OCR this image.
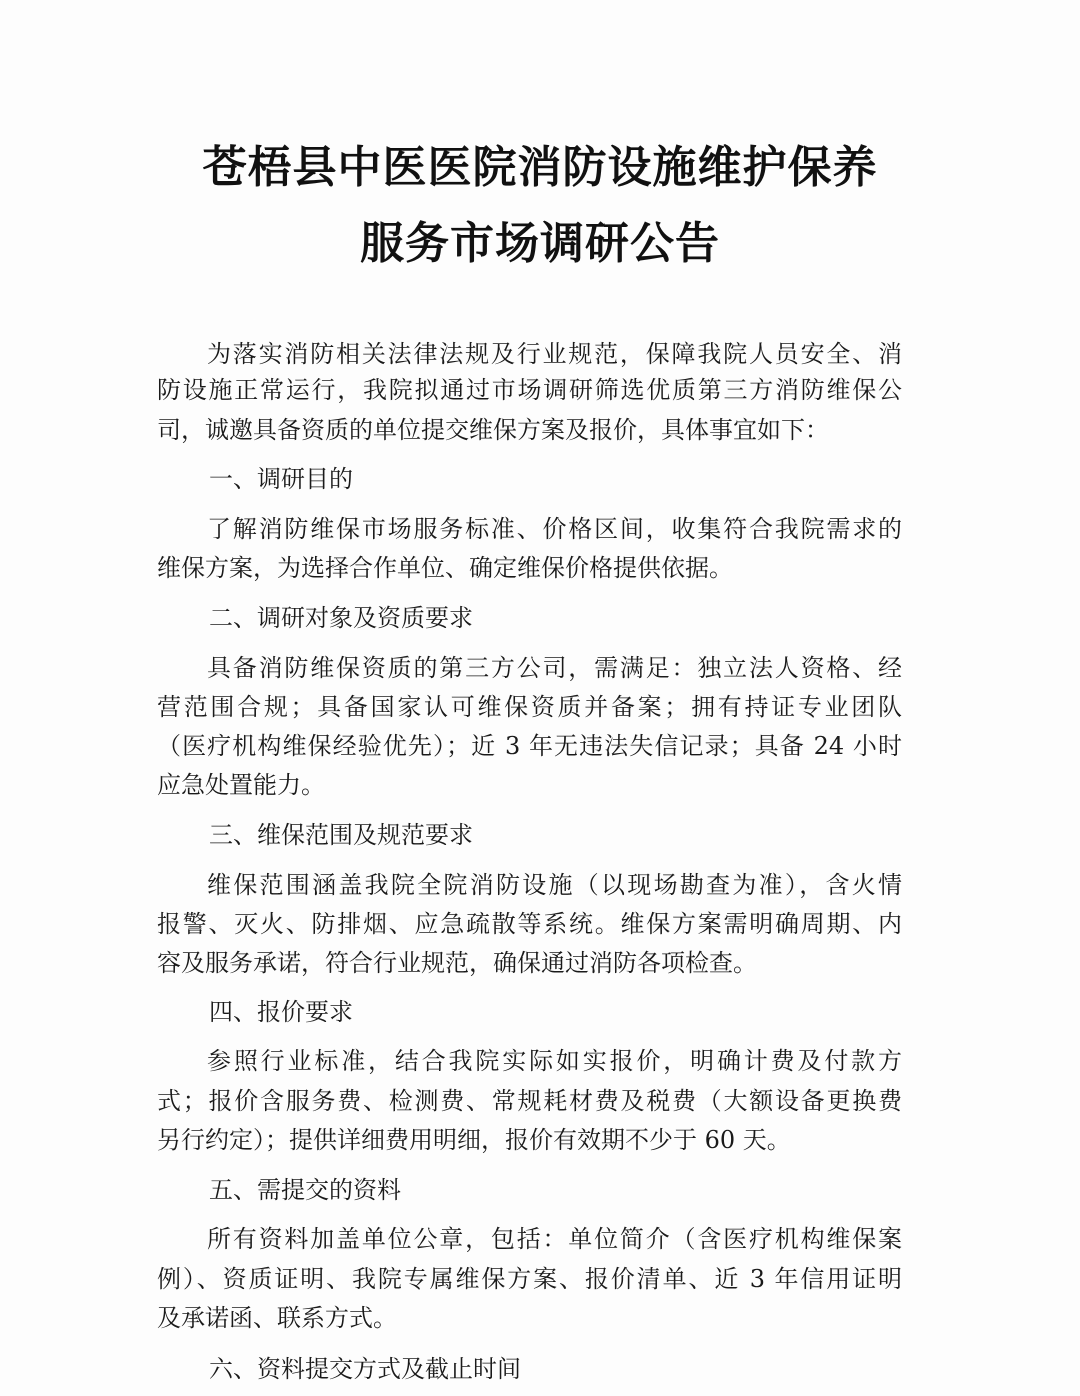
苍梧县中医医院消防设施维护保养
服务市场调研公告
为落实消防相关法律法规及行业规范，保障我院人员安全、消
防设施正常运行，我院拟通过市场调研筛选优质第三方消防维保公
司，诚邀具备资质的单位提交维保方案及报价，具体事宜如下：
一、调研目的
了解消防维保市场服务标准、价格区间，收集符合我院需求的
维保方案，为选择合作单位、确定维保价格提供依据。
二、调研对象及资质要求
具备消防维保资质的第三方公司，需满足：独立法人资格、经
营范围合规；具备国家认可维保资质并备案；拥有持证专业团队
（医疗机构维保经验优先）；近 3 年无违法失信记录；具备 24 小时
应急处置能力。
三、维保范围及规范要求
维保范围涵盖我院全院消防设施（以现场勘查为准），含火情
报警、灭火、防排烟、应急疏散等系统。维保方案需明确周期、内
容及服务承诺，符合行业规范，确保通过消防各项检查。
四、报价要求
参照行业标准，结合我院实际如实报价，明确计费及付款方
式；报价含服务费、检测费、常规耗材费及税费（大额设备更换费
另行约定）；提供详细费用明细，报价有效期不少于 60 天。
五、需提交的资料
所有资料加盖单位公章，包括：单位简介（含医疗机构维保案
例）、资质证明、我院专属维保方案、报价清单、近 3 年信用证明
及承诺函、联系方式。
六、资料提交方式及截止时间
